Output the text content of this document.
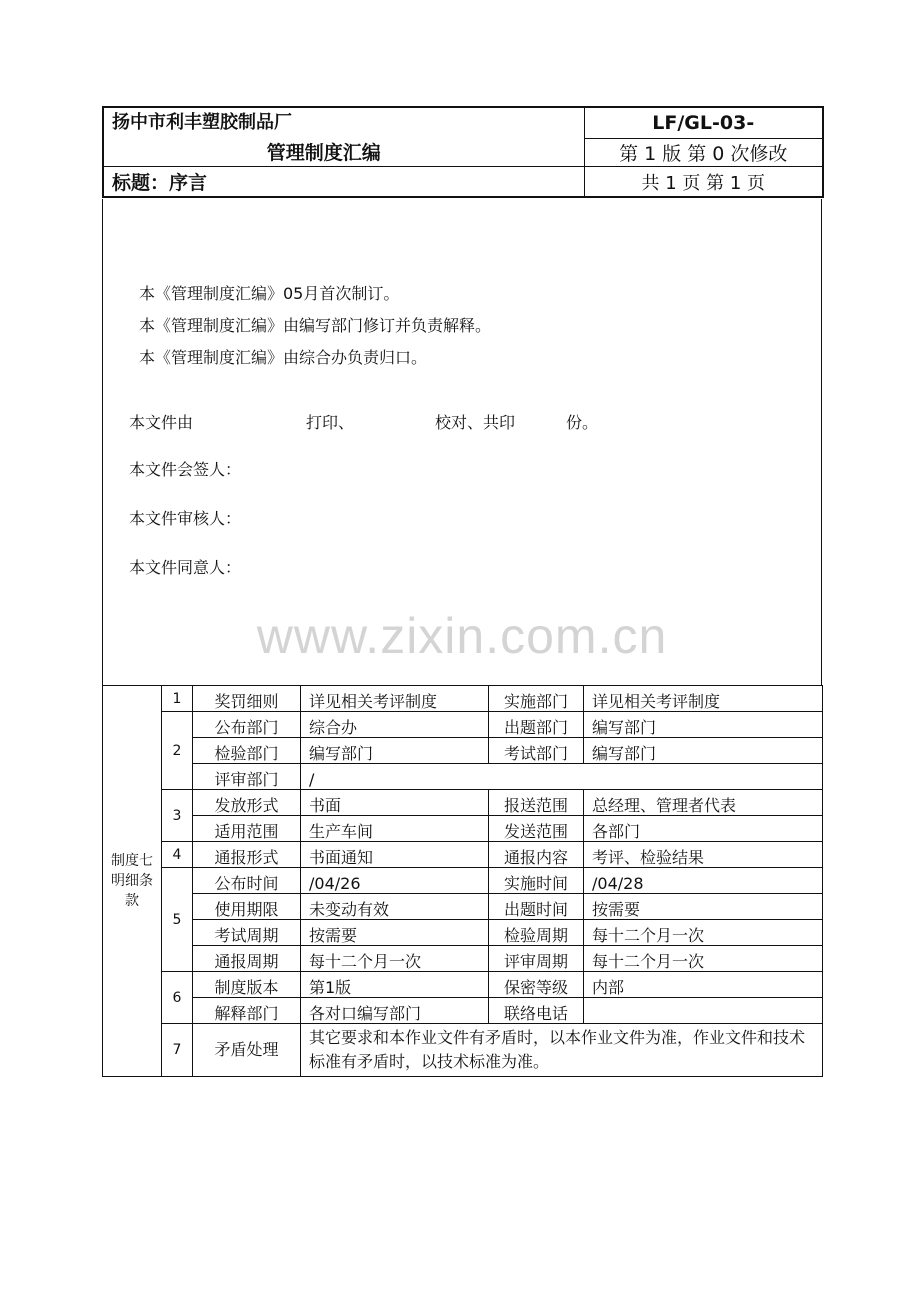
扬中市利丰塑胶制品厂	LF/GL-03-

管理制度汇编	第 1 版 第 0 次修改
标题：序言	共 1 页 第 1 页
本《管理制度汇编》05月首次制订。
本《管理制度汇编》由编写部门修订并负责解释。
本《管理制度汇编》由综合办负责归口。
本文件由	打印、	校对、共印	份。
本文件会签人：
本文件审核人：
本文件同意人：
www.zixin.com.cn
制度七明细条款	1	奖罚细则	详见相关考评制度	实施部门	详见相关考评制度
	2	公布部门	综合办	出题部门	编写部门
		检验部门	编写部门	考试部门	编写部门
		评审部门	/		
	3	发放形式	书面	报送范围	总经理、管理者代表
		适用范围	生产车间	发送范围	各部门
	4	通报形式	书面通知	通报内容	考评、检验结果
	5	公布时间	/04/26	实施时间	/04/28
		使用期限	未变动有效	出题时间	按需要
		考试周期	按需要	检验周期	每十二个月一次
		通报周期	每十二个月一次	评审周期	每十二个月一次
	6	制度版本	第1版	保密等级	内部
		解释部门	各对口编写部门	联络电话	
	7	矛盾处理	其它要求和本作业文件有矛盾时，以本作业文件为准，作业文件和技术标准有矛盾时，以技术标准为准。		
